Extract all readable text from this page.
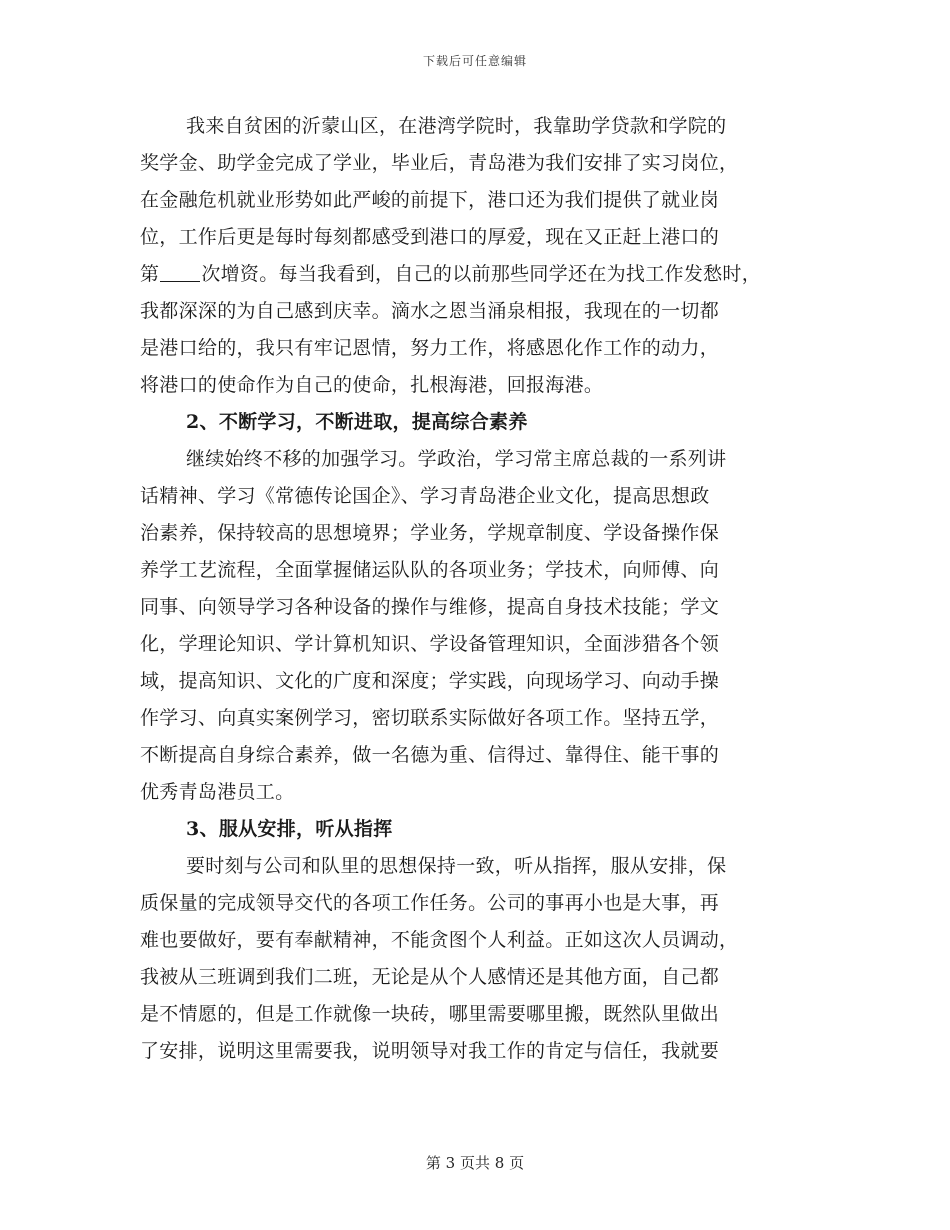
下载后可任意编辑
我来自贫困的沂蒙山区，在港湾学院时，我靠助学贷款和学院的
奖学金、助学金完成了学业，毕业后，青岛港为我们安排了实习岗位，
在金融危机就业形势如此严峻的前提下，港口还为我们提供了就业岗
位，工作后更是每时每刻都感受到港口的厚爱，现在又正赶上港口的
第 次增资。每当我看到，自己的以前那些同学还在为找工作发愁时，
我都深深的为自己感到庆幸。滴水之恩当涌泉相报，我现在的一切都
是港口给的，我只有牢记恩情，努力工作，将感恩化作工作的动力，
将港口的使命作为自己的使命，扎根海港，回报海港。
2、不断学习，不断进取，提高综合素养
继续始终不移的加强学习。学政治，学习常主席总裁的一系列讲
话精神、学习《常德传论国企》、学习青岛港企业文化，提高思想政
治素养，保持较高的思想境界；学业务，学规章制度、学设备操作保
养学工艺流程，全面掌握储运队队的各项业务；学技术，向师傅、向
同事、向领导学习各种设备的操作与维修，提高自身技术技能；学文
化，学理论知识、学计算机知识、学设备管理知识，全面涉猎各个领
域，提高知识、文化的广度和深度；学实践，向现场学习、向动手操
作学习、向真实案例学习，密切联系实际做好各项工作。坚持五学，
不断提高自身综合素养，做一名德为重、信得过、靠得住、能干事的
优秀青岛港员工。
3、服从安排，听从指挥
要时刻与公司和队里的思想保持一致，听从指挥，服从安排，保
质保量的完成领导交代的各项工作任务。公司的事再小也是大事，再
难也要做好，要有奉献精神，不能贪图个人利益。正如这次人员调动，
我被从三班调到我们二班，无论是从个人感情还是其他方面，自己都
是不情愿的，但是工作就像一块砖，哪里需要哪里搬，既然队里做出
了安排，说明这里需要我，说明领导对我工作的肯定与信任，我就要
第 3 页共 8 页
